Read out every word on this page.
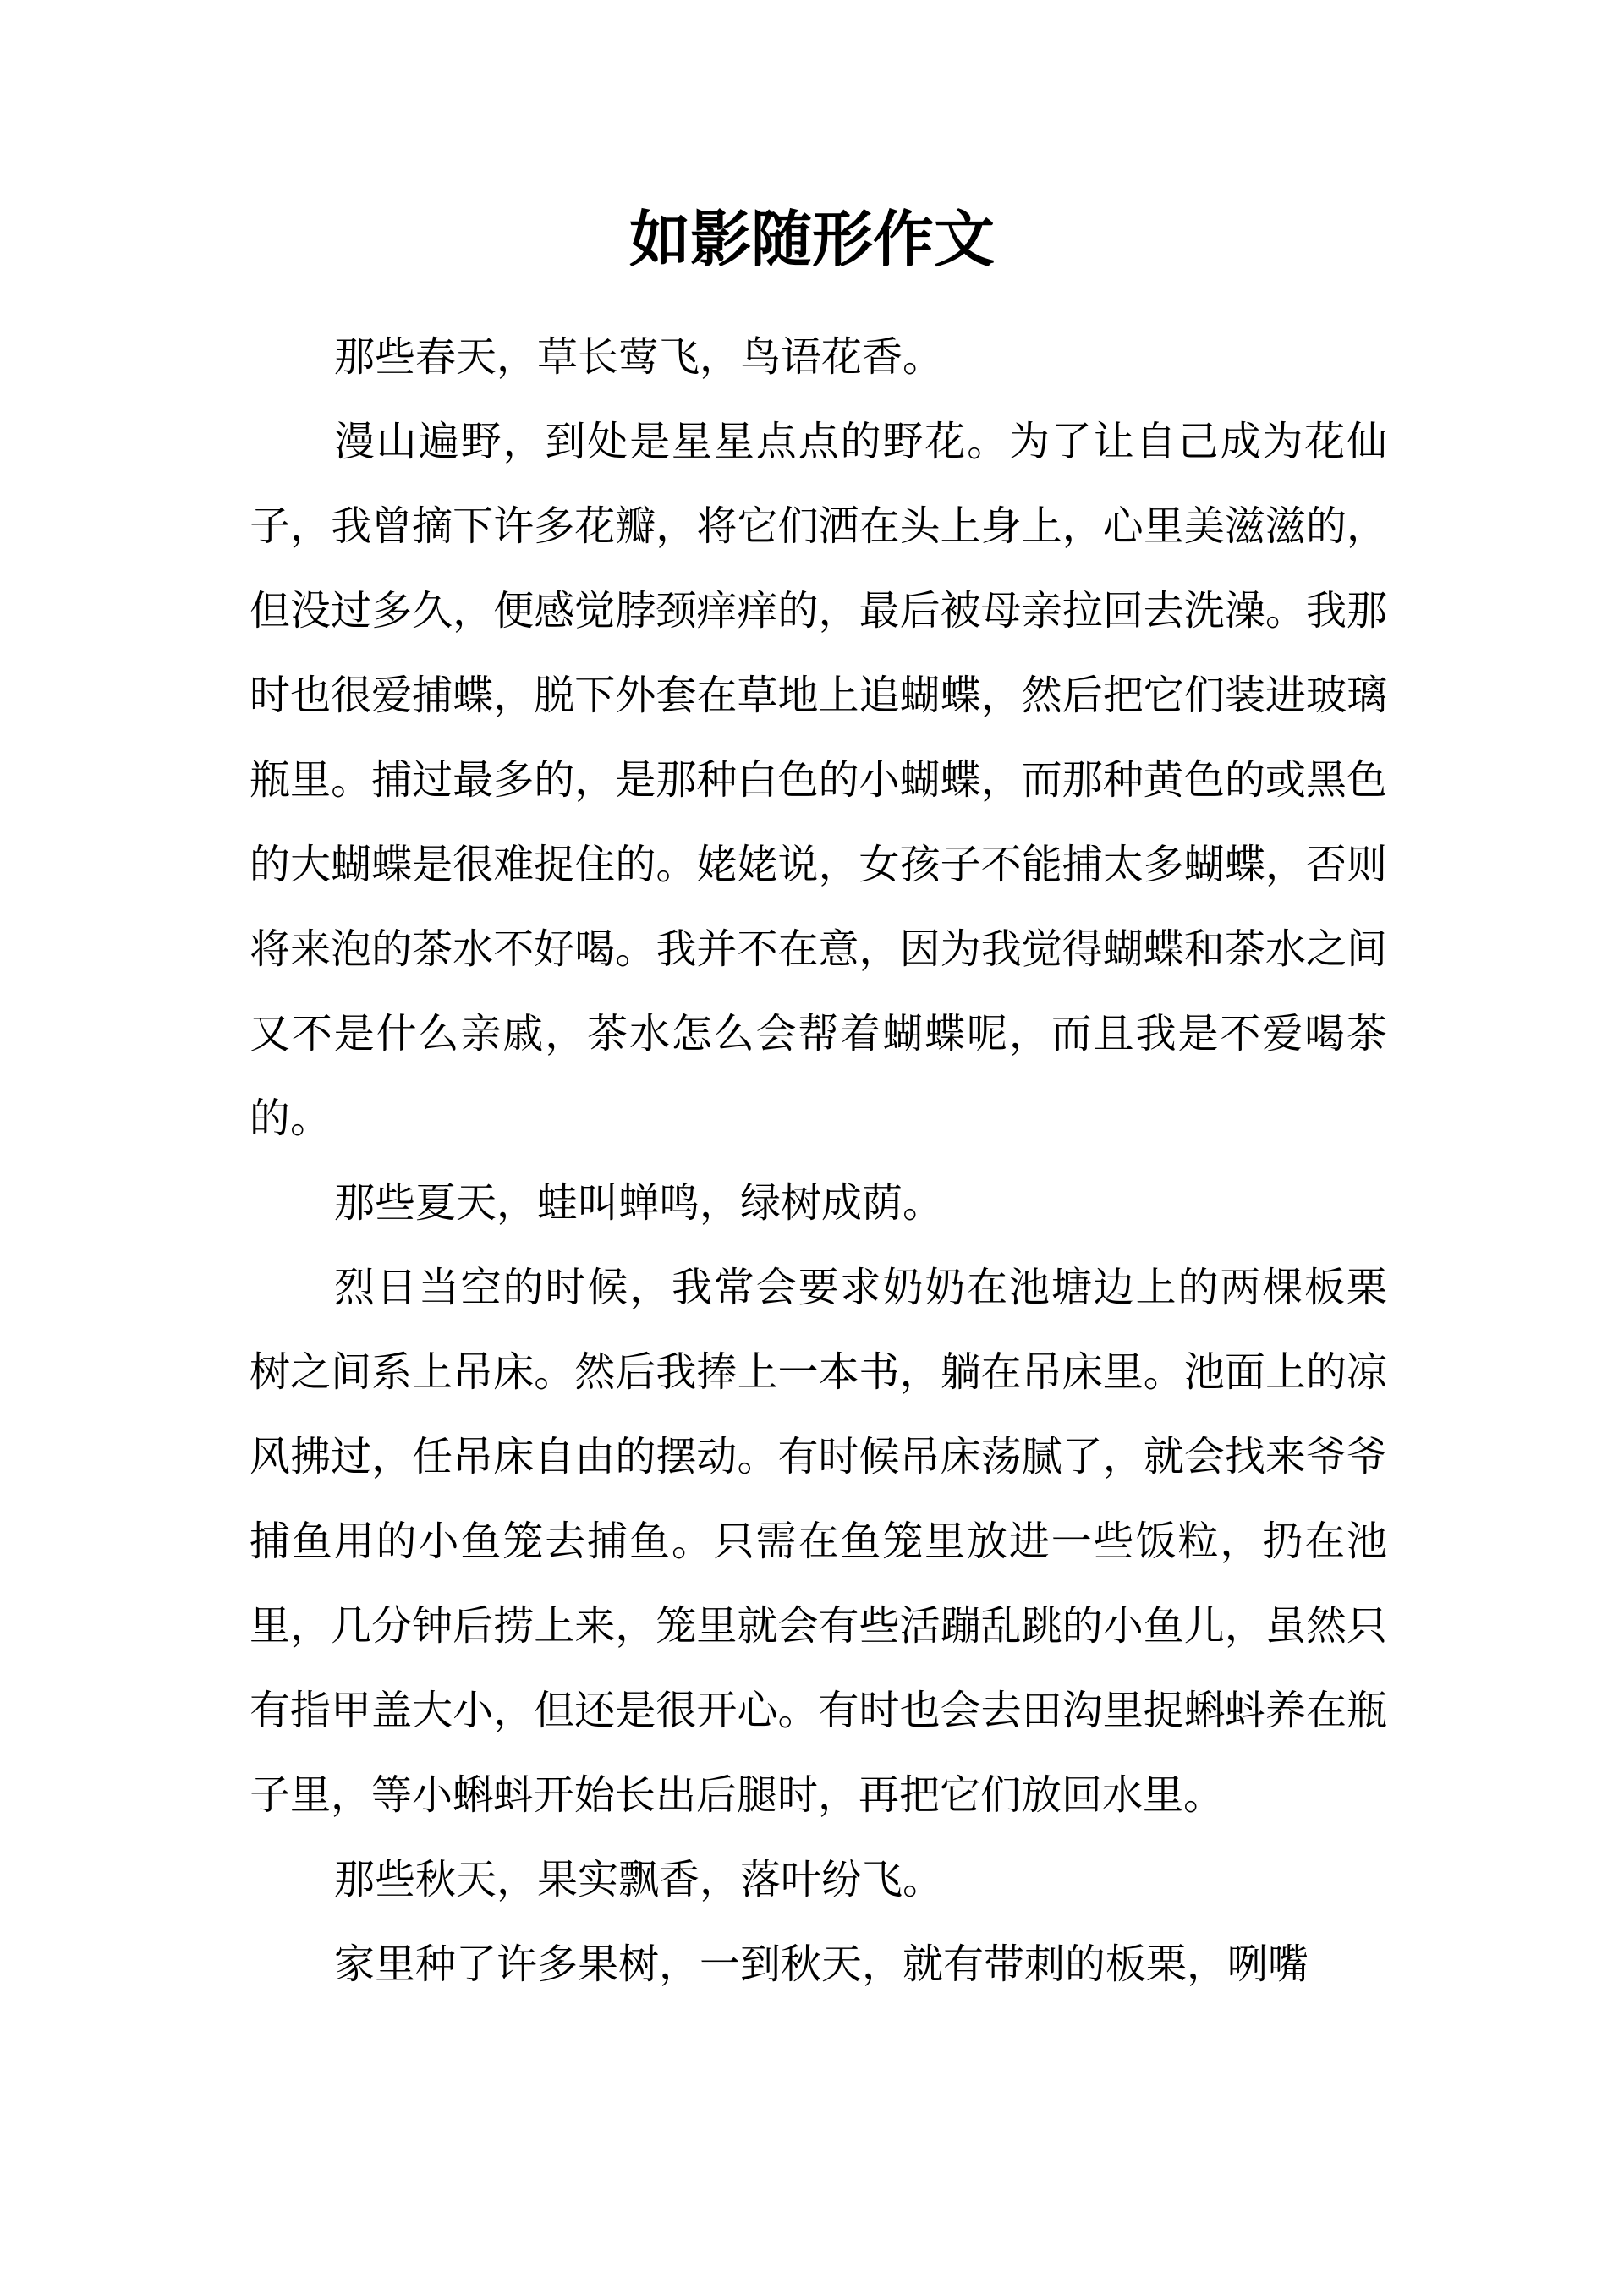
如影随形作文

那些春天，草长莺飞，鸟语花香。

漫山遍野，到处是星星点点的野花。为了让自己成为花仙子，我曾摘下许多花瓣，将它们洒在头上身上，心里美滋滋的，但没过多久，便感觉脖颈痒痒的，最后被母亲拉回去洗澡。我那时也很爱捕蝶，脱下外套在草地上追蝴蝶，然后把它们装进玻璃瓶里。捕过最多的，是那种白色的小蝴蝶，而那种黄色的或黑色的大蝴蝶是很难捉住的。姥姥说，女孩子不能捕太多蝴蝶，否则将来泡的茶水不好喝。我并不在意，因为我觉得蝴蝶和茶水之间又不是什么亲戚，茶水怎么会帮着蝴蝶呢，而且我是不爱喝茶的。

那些夏天，蛙叫蝉鸣，绿树成荫。

烈日当空的时候，我常会要求奶奶在池塘边上的两棵板栗树之间系上吊床。然后我捧上一本书，躺在吊床里。池面上的凉风拂过，任吊床自由的摆动。有时候吊床荡腻了，就会找来爷爷捕鱼用的小鱼笼去捕鱼。只需在鱼笼里放进一些饭粒，扔在池里，几分钟后捞上来，笼里就会有些活蹦乱跳的小鱼儿，虽然只有指甲盖大小，但还是很开心。有时也会去田沟里捉蝌蚪养在瓶子里，等小蝌蚪开始长出后腿时，再把它们放回水里。

那些秋天，果实飘香，落叶纷飞。

家里种了许多果树，一到秋天，就有带刺的板栗，咧嘴
